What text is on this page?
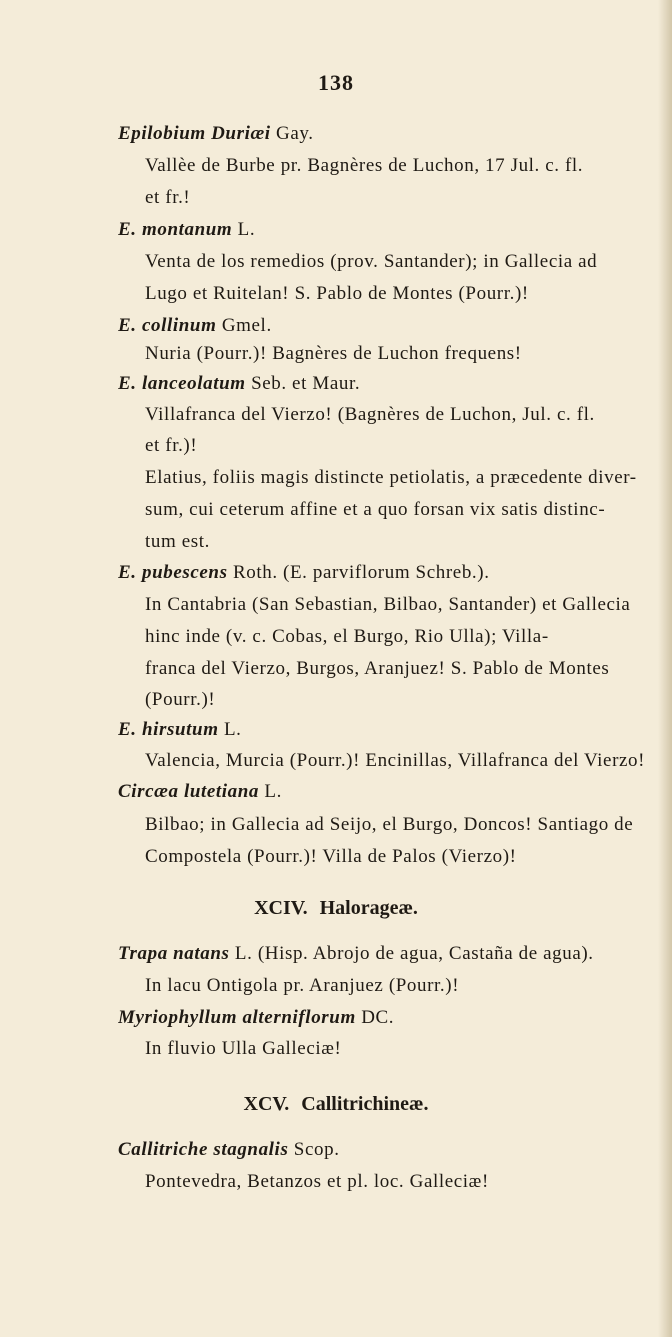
138
Epilobium Duriæi Gay.
Vallèe de Burbe pr. Bagnères de Luchon, 17 Jul. c. fl.
et fr.!
E. montanum L.
Venta de los remedios (prov. Santander); in Gallecia ad
Lugo et Ruitelan! S. Pablo de Montes (Pourr.)!
E. collinum Gmel.
Nuria (Pourr.)! Bagnères de Luchon frequens!
E. lanceolatum Seb. et Maur.
Villafranca del Vierzo! (Bagnères de Luchon, Jul. c. fl.
et fr.)!
Elatius, foliis magis distincte petiolatis, a præcedente diver-
sum, cui ceterum affine et a quo forsan vix satis distinc-
tum est.
E. pubescens Roth. (E. parviflorum Schreb.).
In Cantabria (San Sebastian, Bilbao, Santander) et Gallecia
hinc inde (v. c. Cobas, el Burgo, Rio Ulla); Villa-
franca del Vierzo, Burgos, Aranjuez! S. Pablo de Montes
(Pourr.)!
E. hirsutum L.
Valencia, Murcia (Pourr.)! Encinillas, Villafranca del Vierzo!
Circæa lutetiana L.
Bilbao; in Gallecia ad Seijo, el Burgo, Doncos! Santiago de
Compostela (Pourr.)! Villa de Palos (Vierzo)!
XCIV. Halorageæ.
Trapa natans L. (Hisp. Abrojo de agua, Castaña de agua).
In lacu Ontigola pr. Aranjuez (Pourr.)!
Myriophyllum alterniflorum DC.
In fluvio Ulla Galleciæ!
XCV. Callitrichineæ.
Callitriche stagnalis Scop.
Pontevedra, Betanzos et pl. loc. Galleciæ!
